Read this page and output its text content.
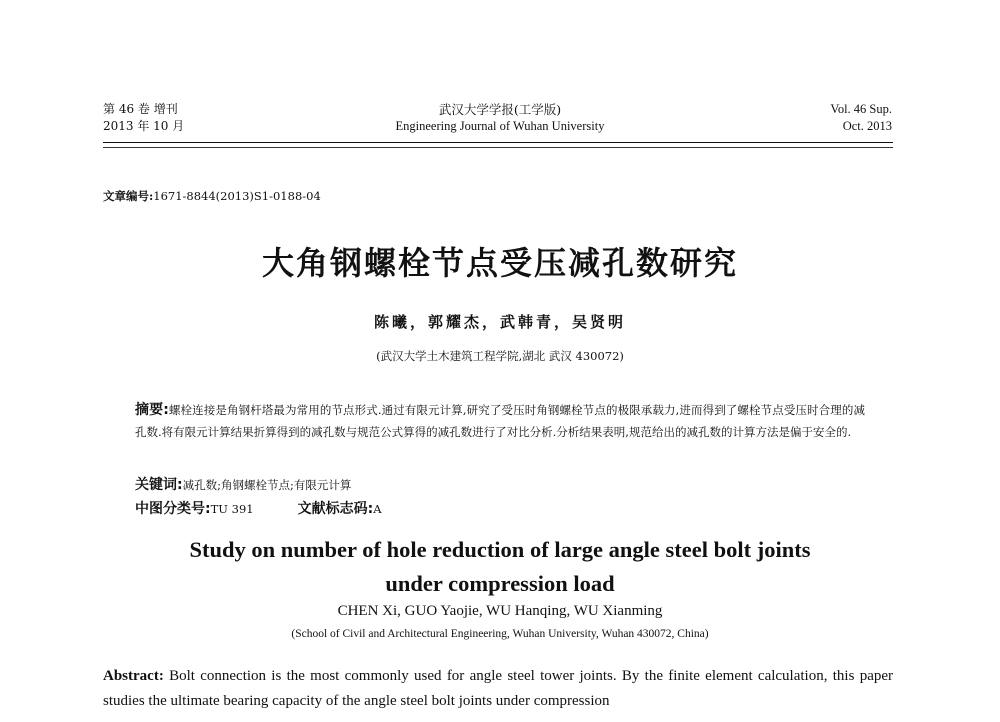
第 46 卷 增刊
2013 年 10 月
武汉大学学报(工学版)
Engineering Journal of Wuhan University
Vol. 46 Sup.
Oct. 2013
文章编号:1671-8844(2013)S1-0188-04
大角钢螺栓节点受压减孔数研究
陈曦，郭耀杰，武韩青，吴贤明
(武汉大学土木建筑工程学院,湖北 武汉 430072)
摘要:螺栓连接是角钢杆塔最为常用的节点形式.通过有限元计算,研究了受压时角钢螺栓节点的极限承载力,进而得到了螺栓节点受压时合理的减孔数.将有限元计算结果折算得到的减孔数与规范公式算得的减孔数进行了对比分析.分析结果表明,规范给出的减孔数的计算方法是偏于安全的.
关键词:减孔数;角钢螺栓节点;有限元计算
中图分类号:TU 391	文献标志码:A
Study on number of hole reduction of large angle steel bolt joints under compression load
CHEN Xi, GUO Yaojie, WU Hanqing, WU Xianming
(School of Civil and Architectural Engineering, Wuhan University, Wuhan 430072, China)
Abstract: Bolt connection is the most commonly used for angle steel tower joints. By the finite element calculation, this paper studies the ultimate bearing capacity of the angle steel bolt joints under compression
